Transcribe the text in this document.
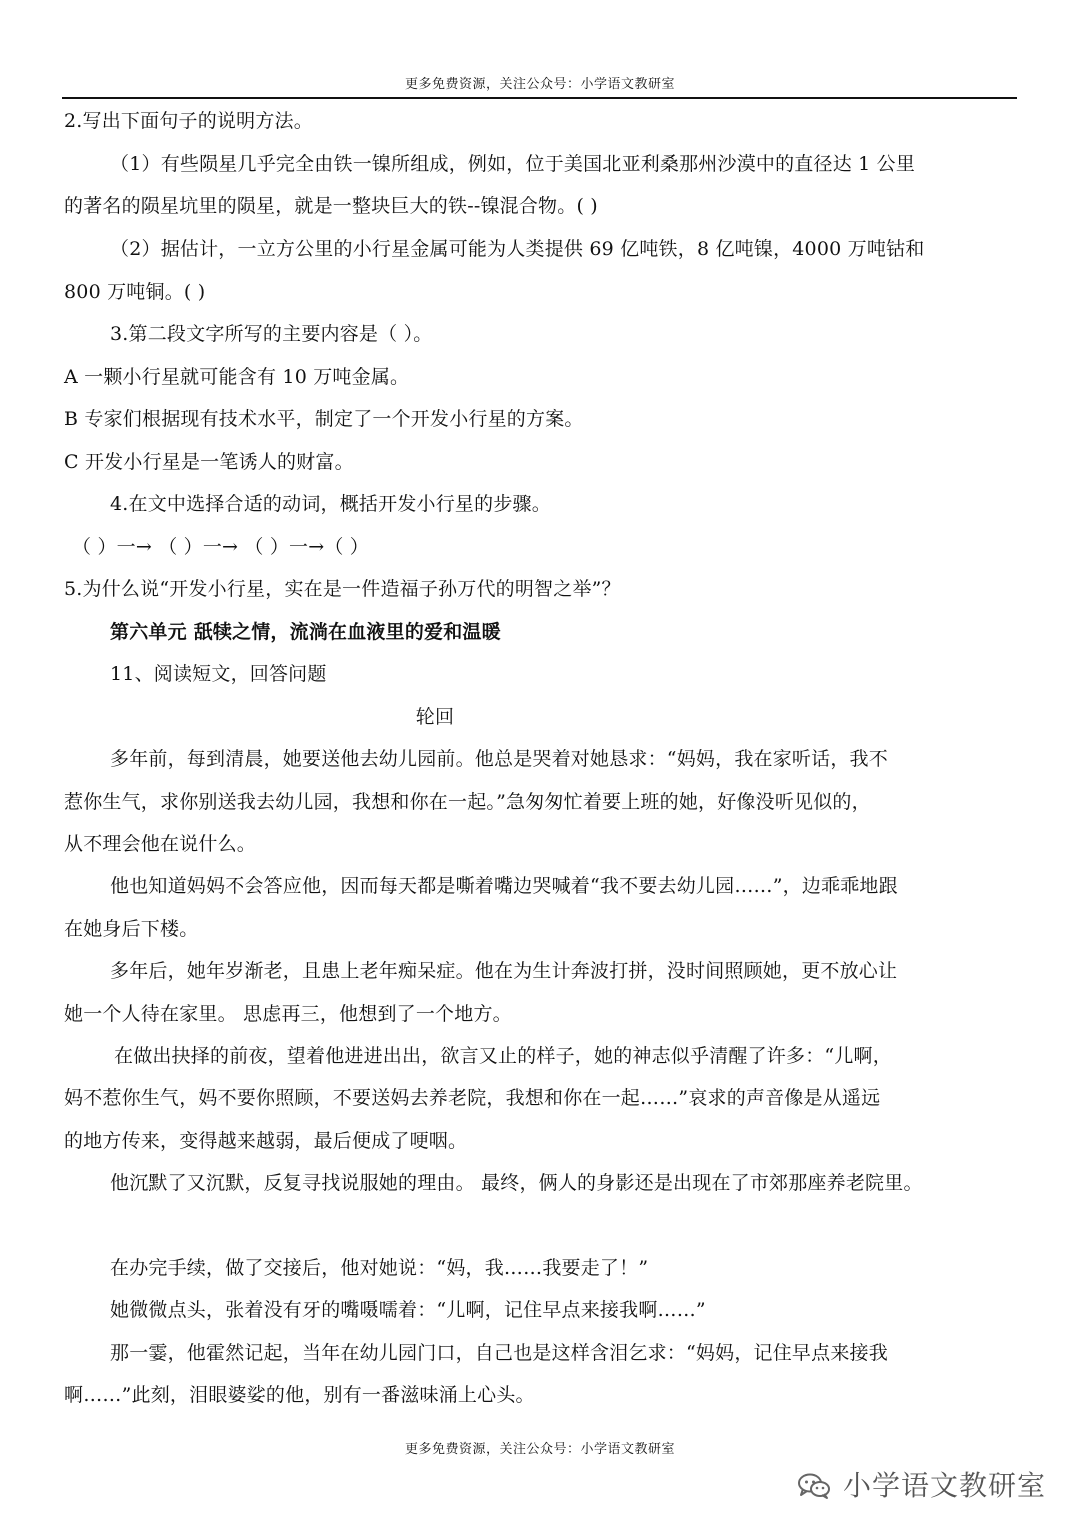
更多免费资源，关注公众号：小学语文教研室
2.写出下面句子的说明方法。
（1）有些陨星几乎完全由铁一镍所组成，例如，位于美国北亚利桑那州沙漠中的直径达 1 公里
的著名的陨星坑里的陨星，就是一整块巨大的铁--镍混合物。( )
（2）据估计，一立方公里的小行星金属可能为人类提供 69 亿吨铁，8 亿吨镍，4000 万吨钴和
800 万吨铜。( )
3.第二段文字所写的主要内容是（ ）。
A 一颗小行星就可能含有 10 万吨金属。
B 专家们根据现有技术水平，制定了一个开发小行星的方案。
C 开发小行星是一笔诱人的财富。
4.在文中选择合适的动词，概括开发小行星的步骤。
（ ）一→ （ ）一→ （ ）一→（ ）
5.为什么说“开发小行星，实在是一件造福子孙万代的明智之举”？
第六单元 舐犊之情，流淌在血液里的爱和温暖
11、阅读短文，回答问题
轮回
多年前，每到清晨，她要送他去幼儿园前。他总是哭着对她恳求：“妈妈，我在家听话，我不
惹你生气，求你别送我去幼儿园，我想和你在一起。”急匆匆忙着要上班的她，好像没听见似的，
从不理会他在说什么。
他也知道妈妈不会答应他，因而每天都是嘶着嘴边哭喊着“我不要去幼儿园……”，边乖乖地跟
在她身后下楼。
多年后，她年岁渐老，且患上老年痴呆症。他在为生计奔波打拼，没时间照顾她，更不放心让
她一个人待在家里。 思虑再三，他想到了一个地方。
在做出抉择的前夜，望着他进进出出，欲言又止的样子，她的神志似乎清醒了许多：“儿啊，
妈不惹你生气，妈不要你照顾，不要送妈去养老院，我想和你在一起……”哀求的声音像是从遥远
的地方传来，变得越来越弱，最后便成了哽咽。
他沉默了又沉默，反复寻找说服她的理由。 最终，俩人的身影还是出现在了市郊那座养老院里。
在办完手续，做了交接后，他对她说：“妈，我……我要走了！”
她微微点头，张着没有牙的嘴嗫嚅着：“儿啊，记住早点来接我啊……”
那一霎，他霍然记起，当年在幼儿园门口，自己也是这样含泪乞求：“妈妈，记住早点来接我
啊……”此刻，泪眼婆娑的他，别有一番滋味涌上心头。
更多免费资源，关注公众号：小学语文教研室
小学语文教研室
